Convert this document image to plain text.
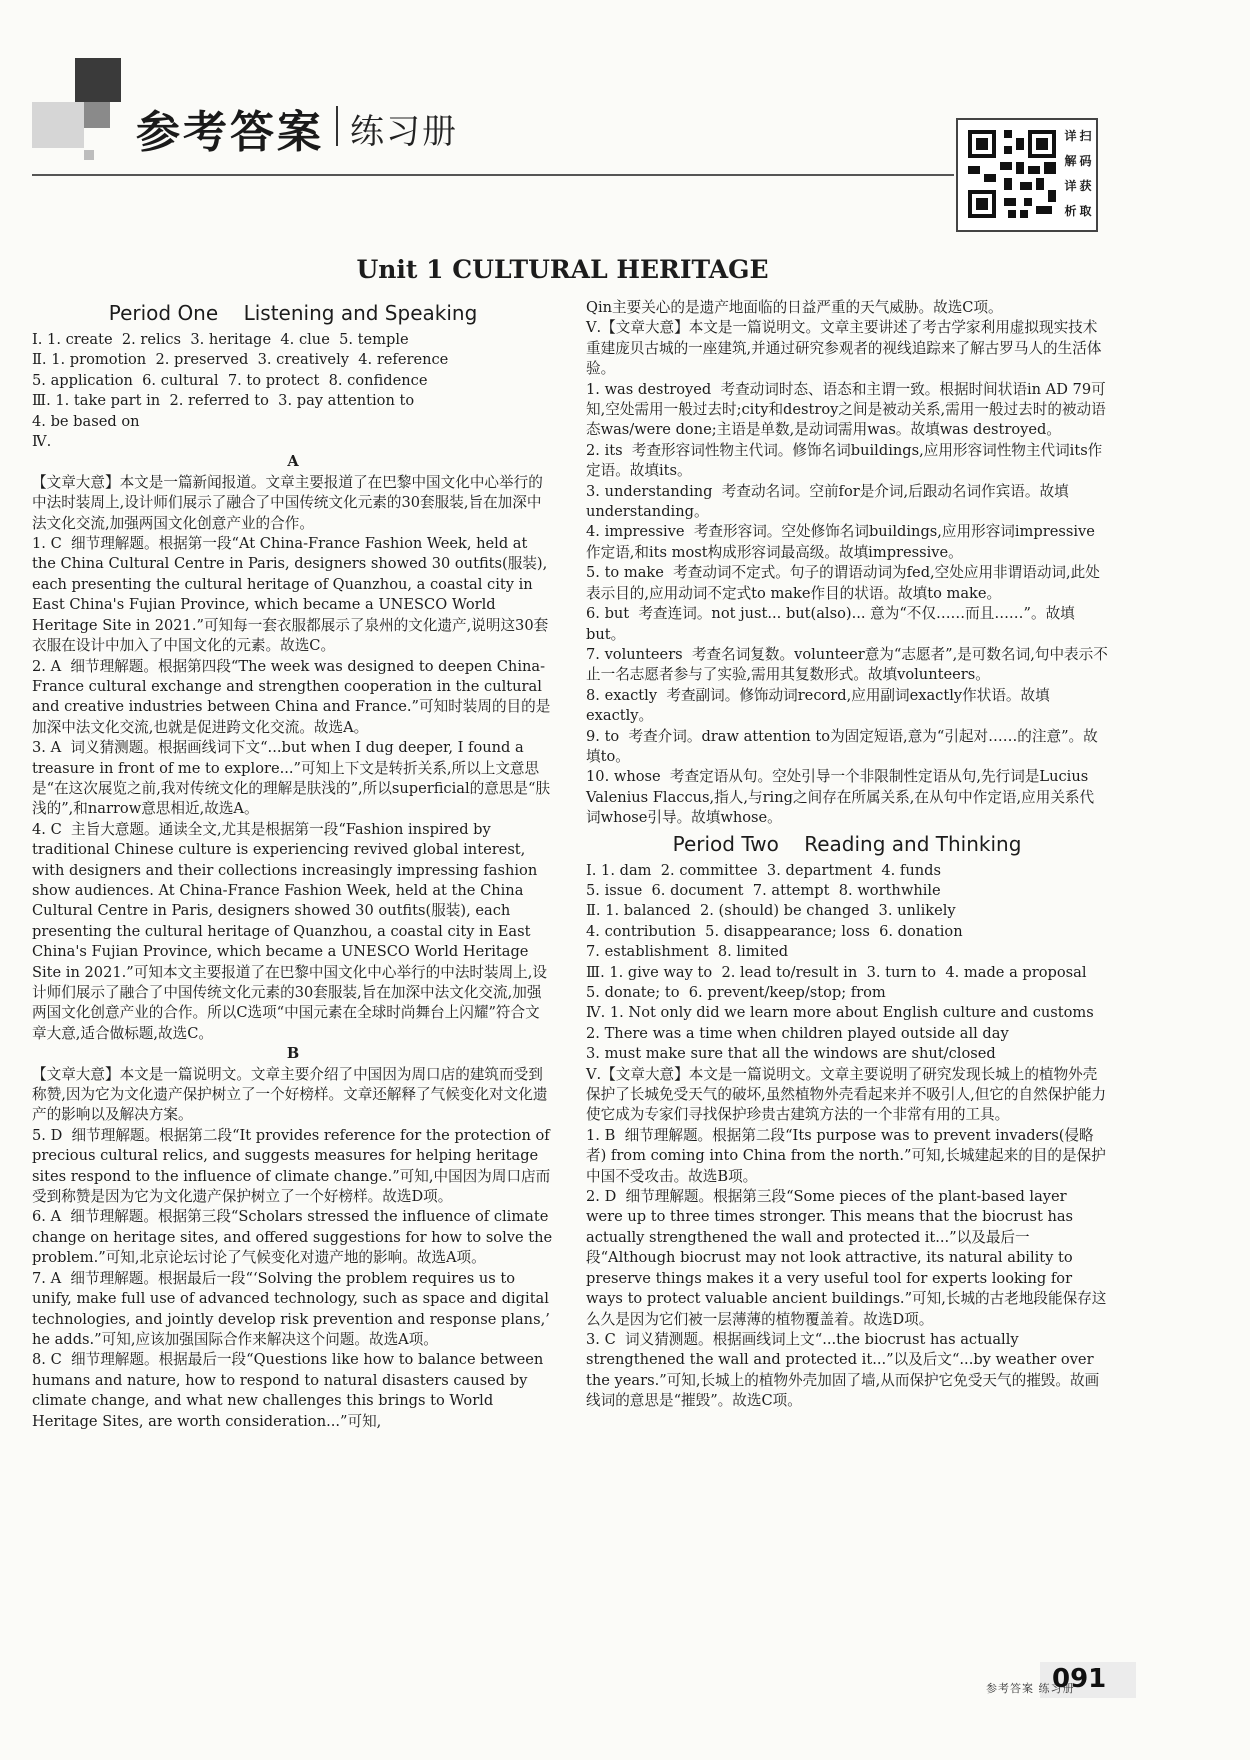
参考答案 练习册	详
解
详
析
扫
码
获
取
Unit 1 CULTURAL HERITAGE

Period One    Listening and Speaking

Ⅰ. 1. create  2. relics  3. heritage  4. clue  5. temple

Ⅱ. 1. promotion  2. preserved  3. creatively  4. reference

5. application  6. cultural  7. to protect  8. confidence

Ⅲ. 1. take part in  2. referred to  3. pay attention to

4. be based on

Ⅳ.

A

【文章大意】本文是一篇新闻报道。文章主要报道了在巴黎中国文化中心举行的中法时装周上,设计师们展示了融合了中国传统文化元素的30套服装,旨在加深中法文化交流,加强两国文化创意产业的合作。

1. C  细节理解题。根据第一段“At China-France Fashion Week, held at the China Cultural Centre in Paris, designers showed 30 outfits(服装), each presenting the cultural heritage of Quanzhou, a coastal city in East China's Fujian Province, which became a UNESCO World Heritage Site in 2021.”可知每一套衣服都展示了泉州的文化遗产,说明这30套衣服在设计中加入了中国文化的元素。故选C。

2. A  细节理解题。根据第四段“The week was designed to deepen China-France cultural exchange and strengthen cooperation in the cultural and creative industries between China and France.”可知时装周的目的是加深中法文化交流,也就是促进跨文化交流。故选A。

3. A  词义猜测题。根据画线词下文“...but when I dug deeper, I found a treasure in front of me to explore...”可知上下文是转折关系,所以上文意思是“在这次展览之前,我对传统文化的理解是肤浅的”,所以superficial的意思是“肤浅的”,和narrow意思相近,故选A。

4. C  主旨大意题。通读全文,尤其是根据第一段“Fashion inspired by traditional Chinese culture is experiencing revived global interest, with designers and their collections increasingly impressing fashion show audiences. At China-France Fashion Week, held at the China Cultural Centre in Paris, designers showed 30 outfits(服装), each presenting the cultural heritage of Quanzhou, a coastal city in East China's Fujian Province, which became a UNESCO World Heritage Site in 2021.”可知本文主要报道了在巴黎中国文化中心举行的中法时装周上,设计师们展示了融合了中国传统文化元素的30套服装,旨在加深中法文化交流,加强两国文化创意产业的合作。所以C选项“中国元素在全球时尚舞台上闪耀”符合文章大意,适合做标题,故选C。

B

【文章大意】本文是一篇说明文。文章主要介绍了中国因为周口店的建筑而受到称赞,因为它为文化遗产保护树立了一个好榜样。文章还解释了气候变化对文化遗产的影响以及解决方案。

5. D  细节理解题。根据第二段“It provides reference for the protection of precious cultural relics, and suggests measures for helping heritage sites respond to the influence of climate change.”可知,中国因为周口店而受到称赞是因为它为文化遗产保护树立了一个好榜样。故选D项。

6. A  细节理解题。根据第三段“Scholars stressed the influence of climate change on heritage sites, and offered suggestions for how to solve the problem.”可知,北京论坛讨论了气候变化对遗产地的影响。故选A项。

7. A  细节理解题。根据最后一段“‘Solving the problem requires us to unify, make full use of advanced technology, such as space and digital technologies, and jointly develop risk prevention and response plans,’ he adds.”可知,应该加强国际合作来解决这个问题。故选A项。

8. C  细节理解题。根据最后一段“Questions like how to balance between humans and nature, how to respond to natural disasters caused by climate change, and what new challenges this brings to World Heritage Sites, are worth consideration...”可知,

Qin主要关心的是遗产地面临的日益严重的天气威胁。故选C项。

Ⅴ.【文章大意】本文是一篇说明文。文章主要讲述了考古学家利用虚拟现实技术重建庞贝古城的一座建筑,并通过研究参观者的视线追踪来了解古罗马人的生活体验。

1. was destroyed  考查动词时态、语态和主谓一致。根据时间状语in AD 79可知,空处需用一般过去时;city和destroy之间是被动关系,需用一般过去时的被动语态was/were done;主语是单数,是动词需用was。故填was destroyed。

2. its  考查形容词性物主代词。修饰名词buildings,应用形容词性物主代词its作定语。故填its。

3. understanding  考查动名词。空前for是介词,后跟动名词作宾语。故填understanding。

4. impressive  考查形容词。空处修饰名词buildings,应用形容词impressive作定语,和its most构成形容词最高级。故填impressive。

5. to make  考查动词不定式。句子的谓语动词为fed,空处应用非谓语动词,此处表示目的,应用动词不定式to make作目的状语。故填to make。

6. but  考查连词。not just... but(also)... 意为“不仅……而且……”。故填but。

7. volunteers  考查名词复数。volunteer意为“志愿者”,是可数名词,句中表示不止一名志愿者参与了实验,需用其复数形式。故填volunteers。

8. exactly  考查副词。修饰动词record,应用副词exactly作状语。故填exactly。

9. to  考查介词。draw attention to为固定短语,意为“引起对……的注意”。故填to。

10. whose  考查定语从句。空处引导一个非限制性定语从句,先行词是Lucius Valenius Flaccus,指人,与ring之间存在所属关系,在从句中作定语,应用关系代词whose引导。故填whose。

Period Two    Reading and Thinking

Ⅰ. 1. dam  2. committee  3. department  4. funds

5. issue  6. document  7. attempt  8. worthwhile

Ⅱ. 1. balanced  2. (should) be changed  3. unlikely

4. contribution  5. disappearance; loss  6. donation

7. establishment  8. limited

Ⅲ. 1. give way to  2. lead to/result in  3. turn to  4. made a proposal  5. donate; to  6. prevent/keep/stop; from

Ⅳ. 1. Not only did we learn more about English culture and customs

2. There was a time when children played outside all day

3. must make sure that all the windows are shut/closed

Ⅴ.【文章大意】本文是一篇说明文。文章主要说明了研究发现长城上的植物外壳保护了长城免受天气的破坏,虽然植物外壳看起来并不吸引人,但它的自然保护能力使它成为专家们寻找保护珍贵古建筑方法的一个非常有用的工具。

1. B  细节理解题。根据第二段“Its purpose was to prevent invaders(侵略者) from coming into China from the north.”可知,长城建起来的目的是保护中国不受攻击。故选B项。

2. D  细节理解题。根据第三段“Some pieces of the plant-based layer were up to three times stronger. This means that the biocrust has actually strengthened the wall and protected it...”以及最后一段“Although biocrust may not look attractive, its natural ability to preserve things makes it a very useful tool for experts looking for ways to protect valuable ancient buildings.”可知,长城的古老地段能保存这么久是因为它们被一层薄薄的植物覆盖着。故选D项。

3. C  词义猜测题。根据画线词上文“...the biocrust has actually strengthened the wall and protected it...”以及后文“...by weather over the years.”可知,长城上的植物外壳加固了墙,从而保护它免受天气的摧毁。故画线词的意思是“摧毁”。故选C项。

参考答案 练习册
091
